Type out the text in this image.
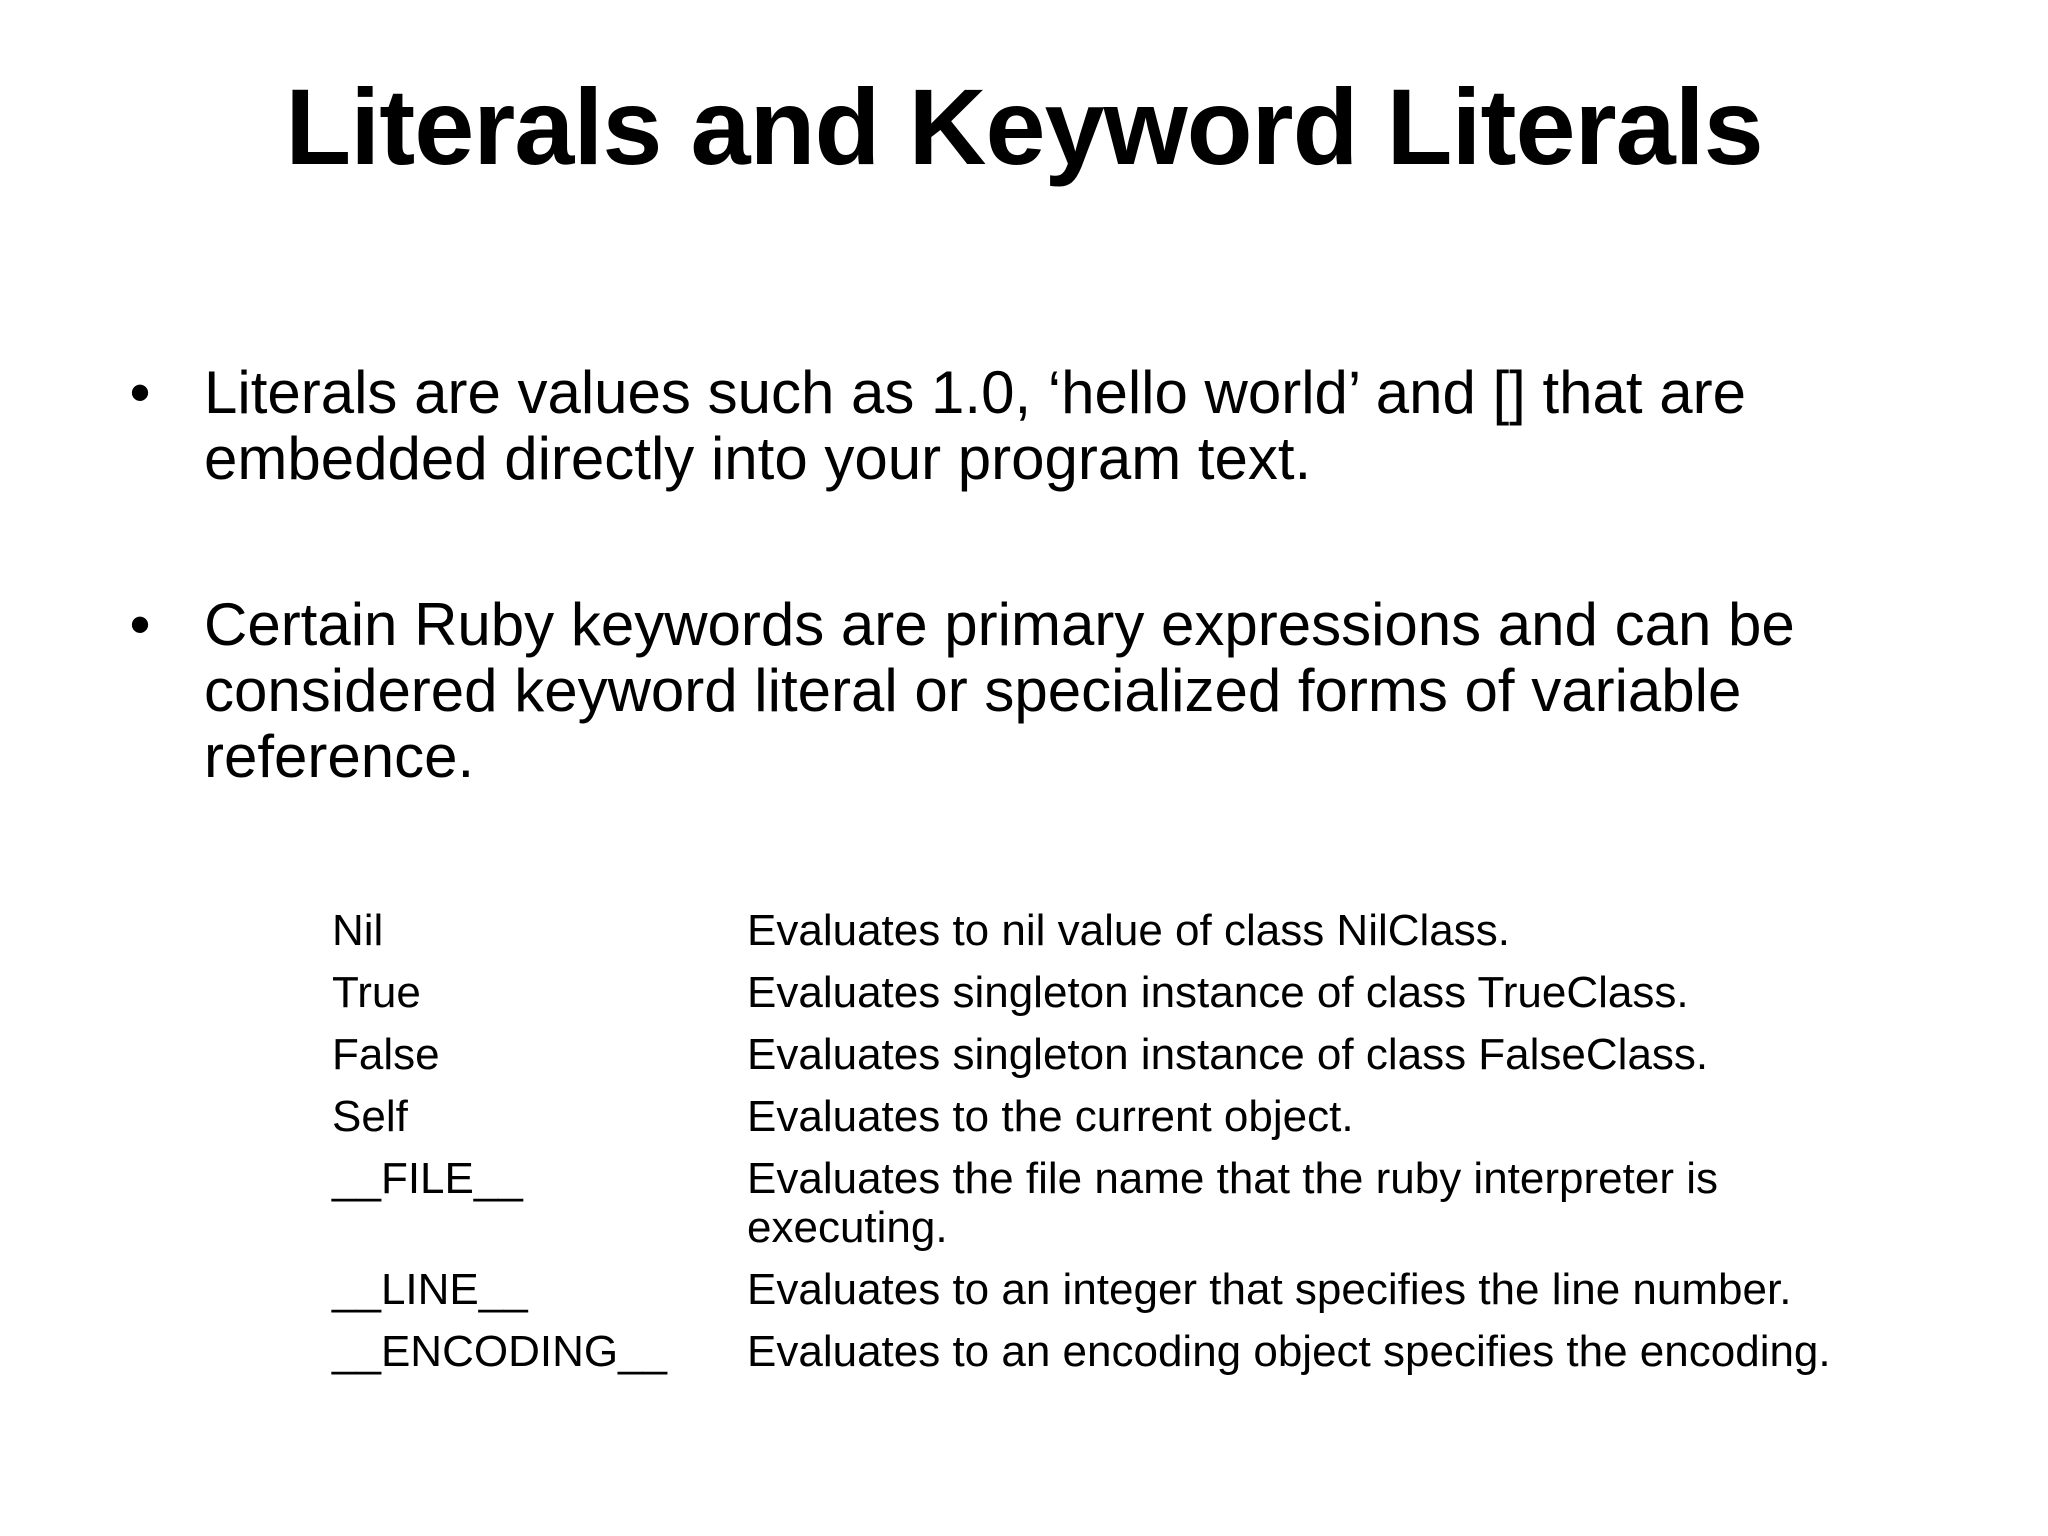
Literals and Keyword Literals
• Literals are values such as 1.0, ‘hello world’ and [] that are embedded directly into your program text.
• Certain Ruby keywords are primary expressions and can be considered keyword literal or specialized forms of variable reference.
Nil	Evaluates to nil value of class NilClass.
True	Evaluates singleton instance of class TrueClass.
False	Evaluates singleton instance of class FalseClass.
Self	Evaluates to the current object.
__FILE__	Evaluates the file name that the ruby interpreter is executing.
__LINE__	Evaluates to an integer that specifies the line number.
__ENCODING__	Evaluates to an encoding object specifies the encoding.
